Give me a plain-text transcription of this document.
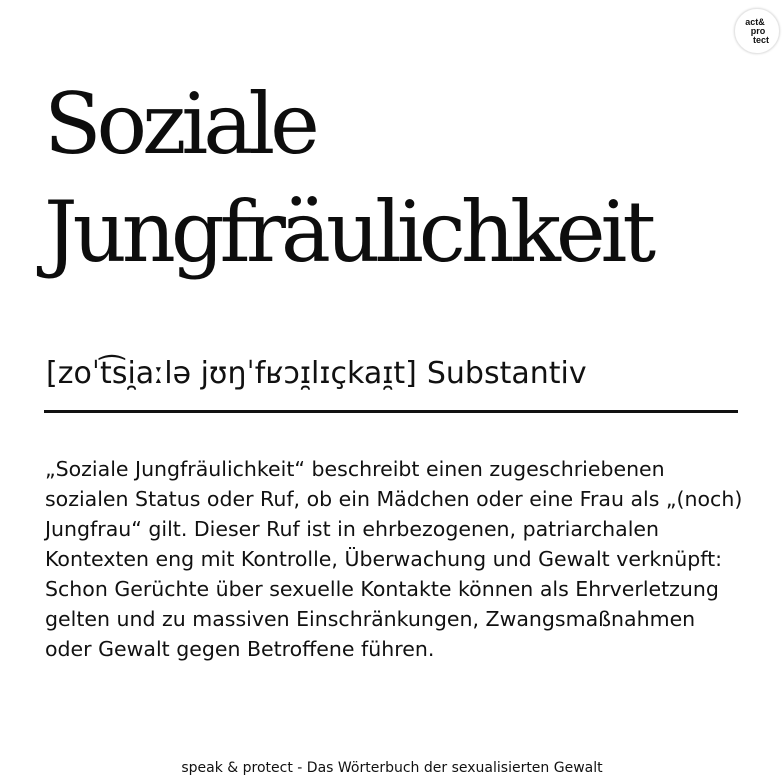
act&
pro
tect
Soziale
Jungfräulichkeit
[zoˈt͡si̯aːlə jʊŋˈfʁɔɪ̯lɪçkaɪ̯t] Substantiv

„Soziale Jungfräulichkeit“ beschreibt einen zugeschriebenen sozialen Status oder Ruf, ob ein Mädchen oder eine Frau als „(noch) Jungfrau“ gilt. Dieser Ruf ist in ehrbezogenen, patriarchalen Kontexten eng mit Kontrolle, Überwachung und Gewalt verknüpft: Schon Gerüchte über sexuelle Kontakte können als Ehrverletzung gelten und zu massiven Einschränkungen, Zwangsmaßnahmen oder Gewalt gegen Betroffene führen.

speak & protect - Das Wörterbuch der sexualisierten Gewalt
